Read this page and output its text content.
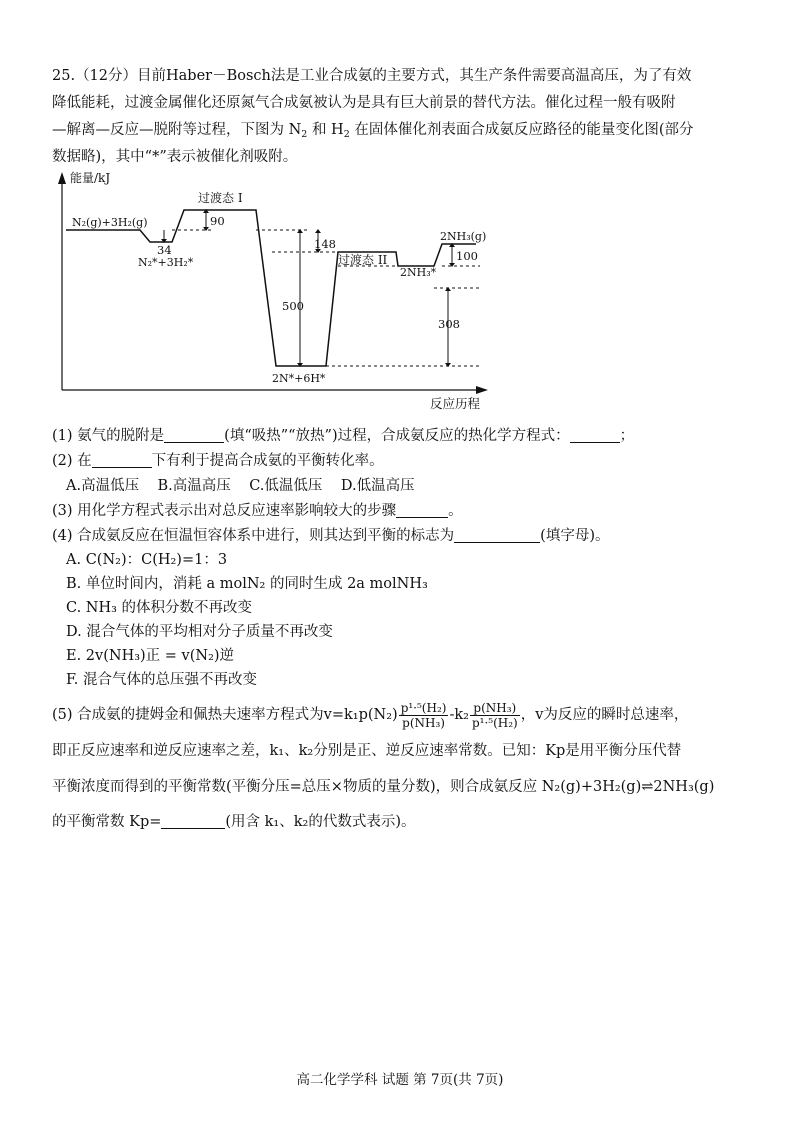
25.（12分）目前Haber－Bosch法是工业合成氨的主要方式，其生产条件需要高温高压，为了有效
降低能耗，过渡金属催化还原氮气合成氨被认为是具有巨大前景的替代方法。催化过程一般有吸附
—解离—反应—脱附等过程，下图为 $N_2$ 和 $H_2$ 在固体催化剂表面合成氨反应路径的能量变化图(部分
数据略)，其中“*”表示被催化剂吸附。
能量/kJ
反应历程
N₂(g)+3H₂(g)
N₂*+3H₂*
过渡态 I
2N*+6H*
过渡态 II
2NH₃*
2NH₃(g)
34
90
148
500
308
100
(1) 氨气的脱附是	(填“吸热”“放热”)过程，合成氨反应的热化学方程式：	；
(2) 在	下有利于提高合成氨的平衡转化率。
A.高温低压 B.高温高压 C.低温低压 D.低温高压
(3) 用化学方程式表示出对总反应速率影响较大的步骤	。
(4) 合成氨反应在恒温恒容体系中进行，则其达到平衡的标志为	(填字母)。
A. C(N₂)：C(H₂)=1：3
B. 单位时间内，消耗 a molN₂ 的同时生成 2a molNH₃
C. NH₃ 的体积分数不再改变
D. 混合气体的平均相对分子质量不再改变
E. 2v(NH₃)正 = v(N₂)逆
F. 混合气体的总压强不再改变
(5) 合成氨的捷姆金和佩热夫速率方程式为$v=k_1p(N_2) \frac{\text{p¹·⁵(H₂)}}{\text{p(NH₃)}} -k_2 \frac{\text{p(NH₃)}}{\text{p¹·⁵(H₂)}}$ ，v为反应的瞬时总速率，
即正反应速率和逆反应速率之差，k₁、k₂分别是正、逆反应速率常数。已知：Kp是用平衡分压代替
平衡浓度而得到的平衡常数(平衡分压=总压×物质的量分数)，则合成氨反应 N₂(g)+3H₂(g)⇌2NH₃(g)
的平衡常数 Kp=	(用含 k₁、k₂的代数式表示)。
高二化学学科 试题 第 7页(共 7页)
